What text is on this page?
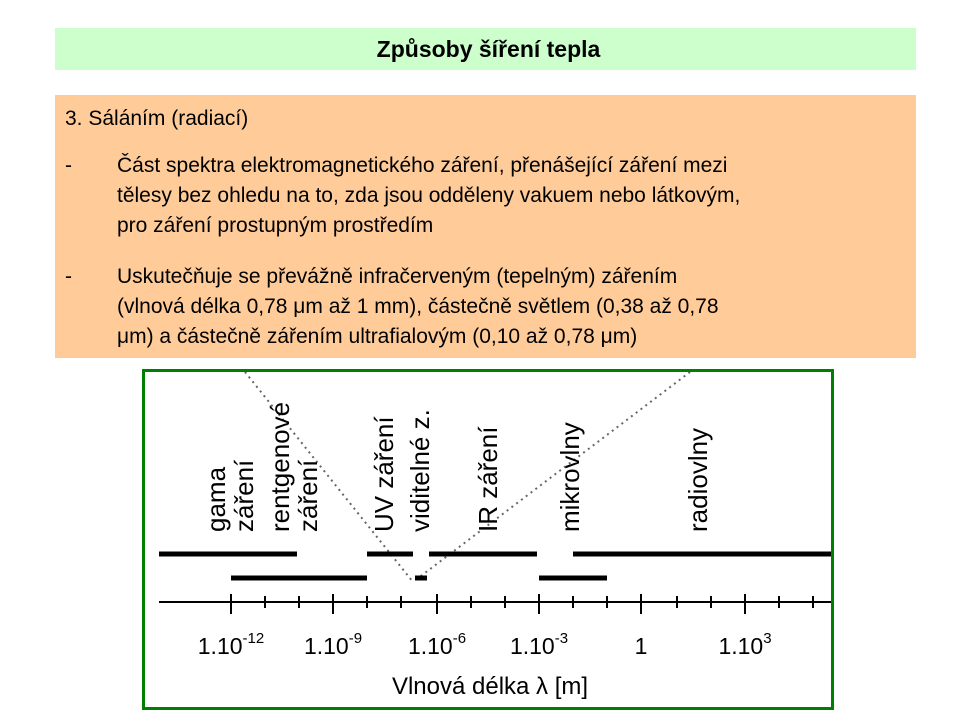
Způsoby šíření tepla
3. Sáláním (radiací)
-	Část spektra elektromagnetického záření, přenášející záření mezi
tělesy bez ohledu na to, zda jsou odděleny vakuem nebo látkovým,
pro záření prostupným prostředím
-	Uskutečňuje se převážně infračerveným (tepelným) zářením
(vlnová délka 0,78 μm až 1 mm), částečně světlem (0,38 až 0,78
μm) a částečně zářením ultrafialovým (0,10 až 0,78 μm)
gama záření rentgenové záření UV záření viditelné z. IR záření mikrovlny	radiovlny
$1.10^{-12}$ $1.10^{-9}$ $1.10^{-6}$ $1.10^{-3}$	1	1.10$^3$
Vlnová délka λ [m]
